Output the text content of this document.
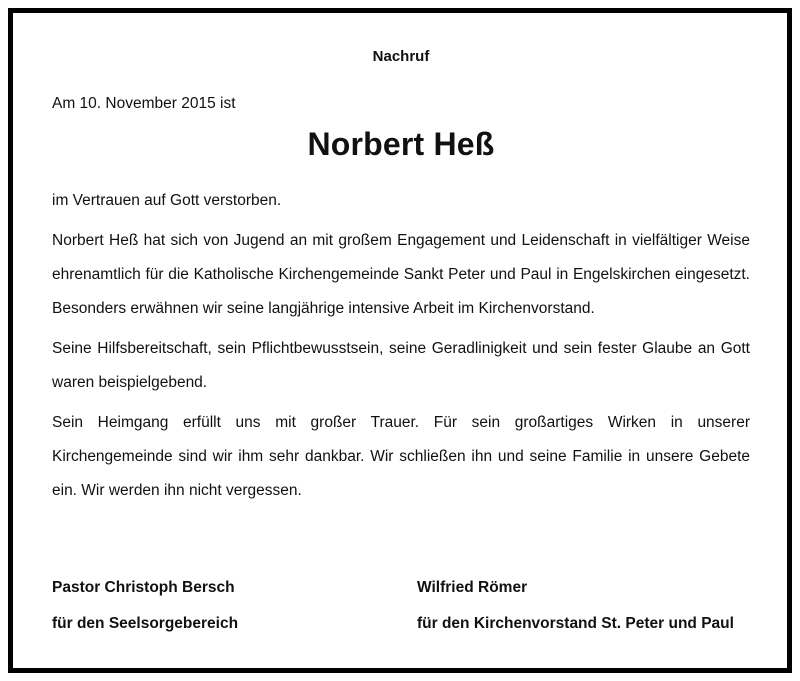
Nachruf

Am 10. November 2015 ist

Norbert Heß

im Vertrauen auf Gott verstorben.

Norbert Heß hat sich von Jugend an mit großem Engagement und Leidenschaft in vielfältiger Weise ehrenamtlich für die Katholische Kirchengemeinde Sankt Peter und Paul in Engelskirchen eingesetzt. Besonders erwähnen wir seine langjährige intensive Arbeit im Kirchenvorstand.

Seine Hilfsbereitschaft, sein Pflichtbewusstsein, seine Geradlinigkeit und sein fester Glaube an Gott waren beispielgebend.

Sein Heimgang erfüllt uns mit großer Trauer. Für sein großartiges Wirken in unserer Kirchengemeinde sind wir ihm sehr dankbar. Wir schließen ihn und seine Familie in unsere Gebete ein. Wir werden ihn nicht vergessen.

Pastor Christoph Bersch

für den Seelsorgebereich

Wilfried Römer

für den Kirchenvorstand St. Peter und Paul
